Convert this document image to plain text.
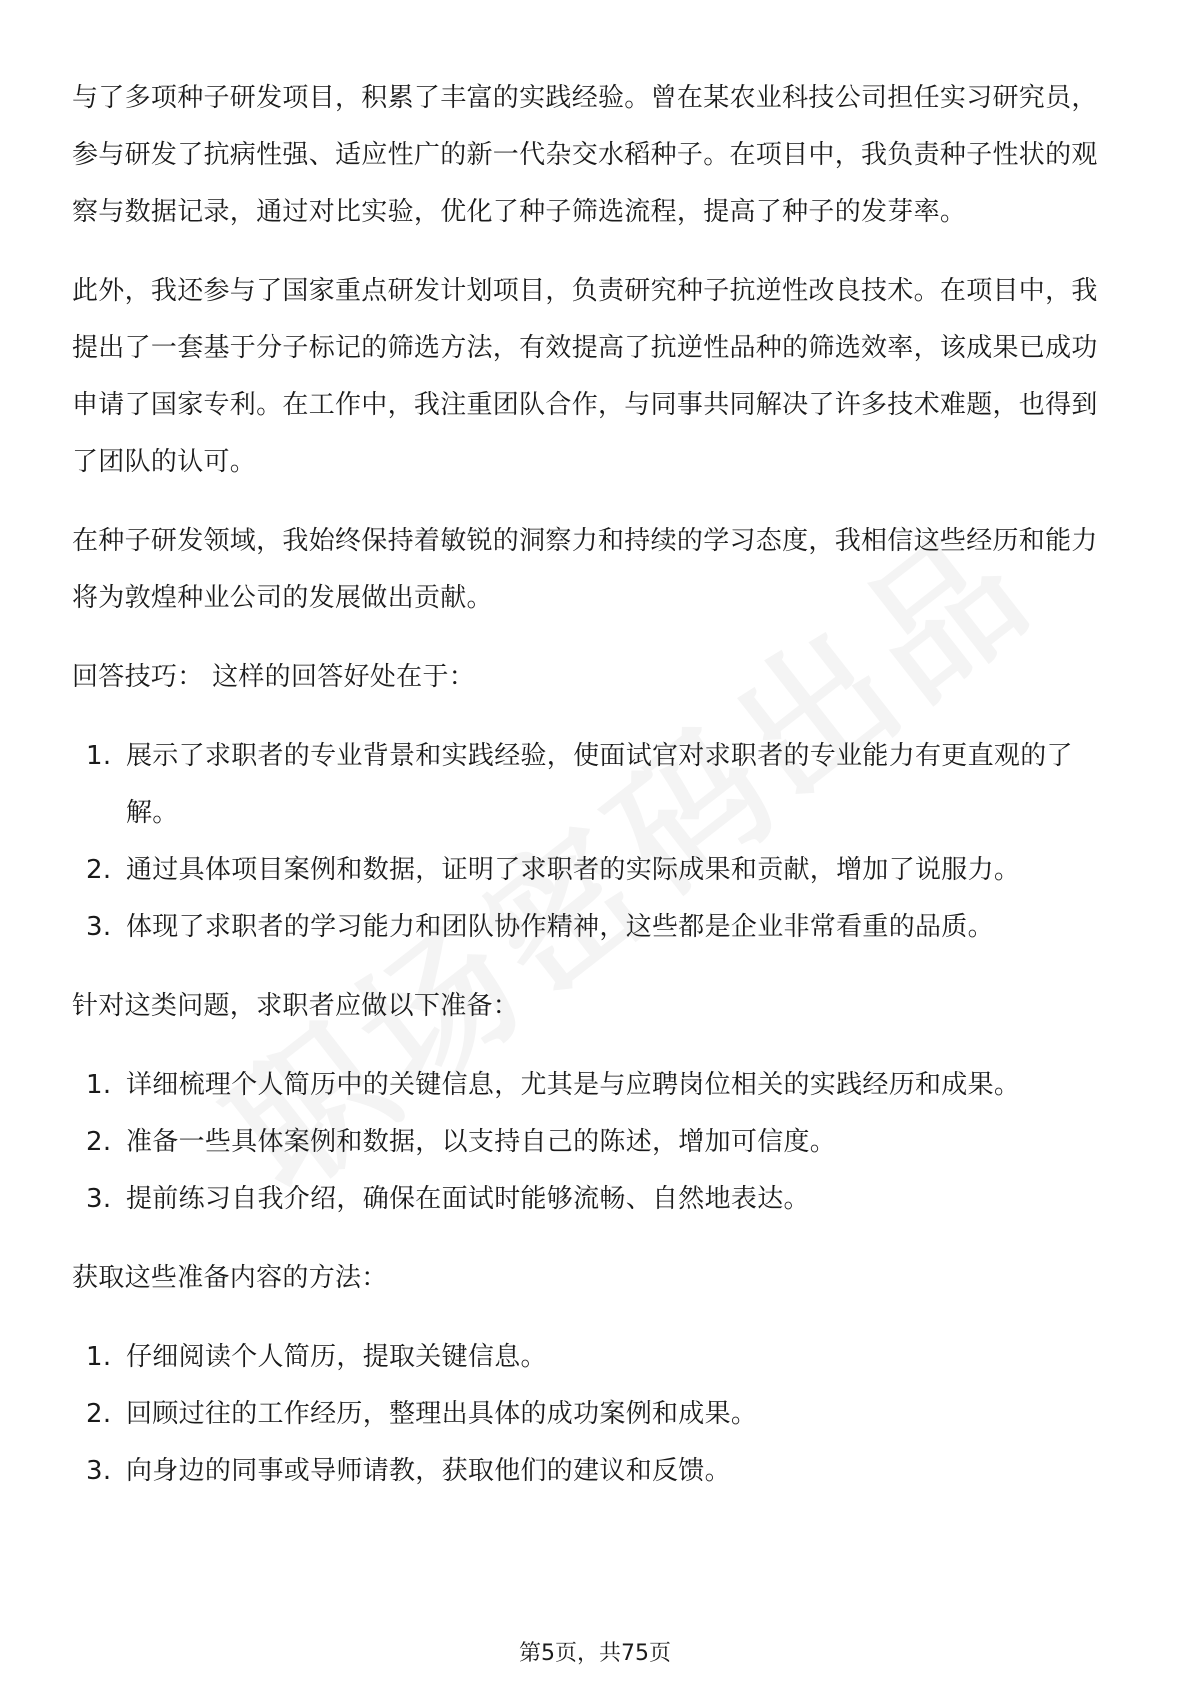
与了多项种子研发项目，积累了丰富的实践经验。曾在某农业科技公司担任实习研究员，参与研发了抗病性强、适应性广的新一代杂交水稻种子。在项目中，我负责种子性状的观察与数据记录，通过对比实验，优化了种子筛选流程，提高了种子的发芽率。

此外，我还参与了国家重点研发计划项目，负责研究种子抗逆性改良技术。在项目中，我提出了一套基于分子标记的筛选方法，有效提高了抗逆性品种的筛选效率，该成果已成功申请了国家专利。在工作中，我注重团队合作，与同事共同解决了许多技术难题，也得到了团队的认可。

在种子研发领域，我始终保持着敏锐的洞察力和持续的学习态度，我相信这些经历和能力将为敦煌种业公司的发展做出贡献。

回答技巧： 这样的回答好处在于：

1. 展示了求职者的专业背景和实践经验，使面试官对求职者的专业能力有更直观的了解。
2. 通过具体项目案例和数据，证明了求职者的实际成果和贡献，增加了说服力。
3. 体现了求职者的学习能力和团队协作精神，这些都是企业非常看重的品质。

针对这类问题，求职者应做以下准备：

1. 详细梳理个人简历中的关键信息，尤其是与应聘岗位相关的实践经历和成果。
2. 准备一些具体案例和数据，以支持自己的陈述，增加可信度。
3. 提前练习自我介绍，确保在面试时能够流畅、自然地表达。

获取这些准备内容的方法：

1. 仔细阅读个人简历，提取关键信息。
2. 回顾过往的工作经历，整理出具体的成功案例和成果。
3. 向身边的同事或导师请教，获取他们的建议和反馈。
第5页，共75页
